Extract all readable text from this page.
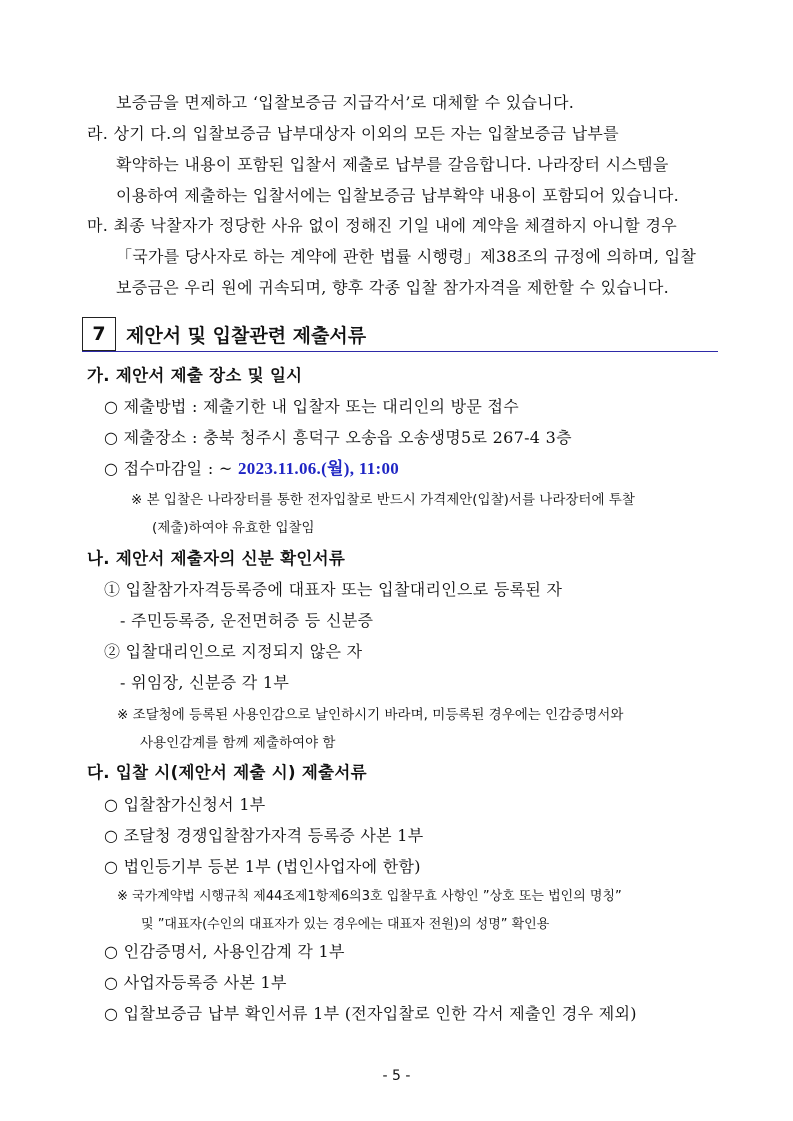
보증금을 면제하고 ‘입찰보증금 지급각서’로 대체할 수 있습니다.
라. 상기 다.의 입찰보증금 납부대상자 이외의 모든 자는 입찰보증금 납부를
확약하는 내용이 포함된 입찰서 제출로 납부를 갈음합니다. 나라장터 시스템을
이용하여 제출하는 입찰서에는 입찰보증금 납부확약 내용이 포함되어 있습니다.
마. 최종 낙찰자가 정당한 사유 없이 정해진 기일 내에 계약을 체결하지 아니할 경우
「국가를 당사자로 하는 계약에 관한 법률 시행령」제38조의 규정에 의하며, 입찰
보증금은 우리 원에 귀속되며, 향후 각종 입찰 참가자격을 제한할 수 있습니다.
7	제안서 및 입찰관련 제출서류
가. 제안서 제출 장소 및 일시
○ 제출방법 : 제출기한 내 입찰자 또는 대리인의 방문 접수
○ 제출장소 : 충북 청주시 흥덕구 오송읍 오송생명5로 267-4 3층
○ 접수마감일 : ~ 2023.11.06.(월), 11:00
※ 본 입찰은 나라장터를 통한 전자입찰로 반드시 가격제안(입찰)서를 나라장터에 투찰
(제출)하여야 유효한 입찰임
나. 제안서 제출자의 신분 확인서류
① 입찰참가자격등록증에 대표자 또는 입찰대리인으로 등록된 자
- 주민등록증, 운전면허증 등 신분증
② 입찰대리인으로 지정되지 않은 자
- 위임장, 신분증 각 1부
※ 조달청에 등록된 사용인감으로 날인하시기 바라며, 미등록된 경우에는 인감증명서와
사용인감계를 함께 제출하여야 함
다. 입찰 시(제안서 제출 시) 제출서류
○ 입찰참가신청서 1부
○ 조달청 경쟁입찰참가자격 등록증 사본 1부
○ 법인등기부 등본 1부 (법인사업자에 한함)
※ 국가계약법 시행규칙 제44조제1항제6의3호 입찰무효 사항인 ”상호 또는 법인의 명칭”
및 ”대표자(수인의 대표자가 있는 경우에는 대표자 전원)의 성명” 확인용
○ 인감증명서, 사용인감계 각 1부
○ 사업자등록증 사본 1부
○ 입찰보증금 납부 확인서류 1부 (전자입찰로 인한 각서 제출인 경우 제외)
- 5 -
